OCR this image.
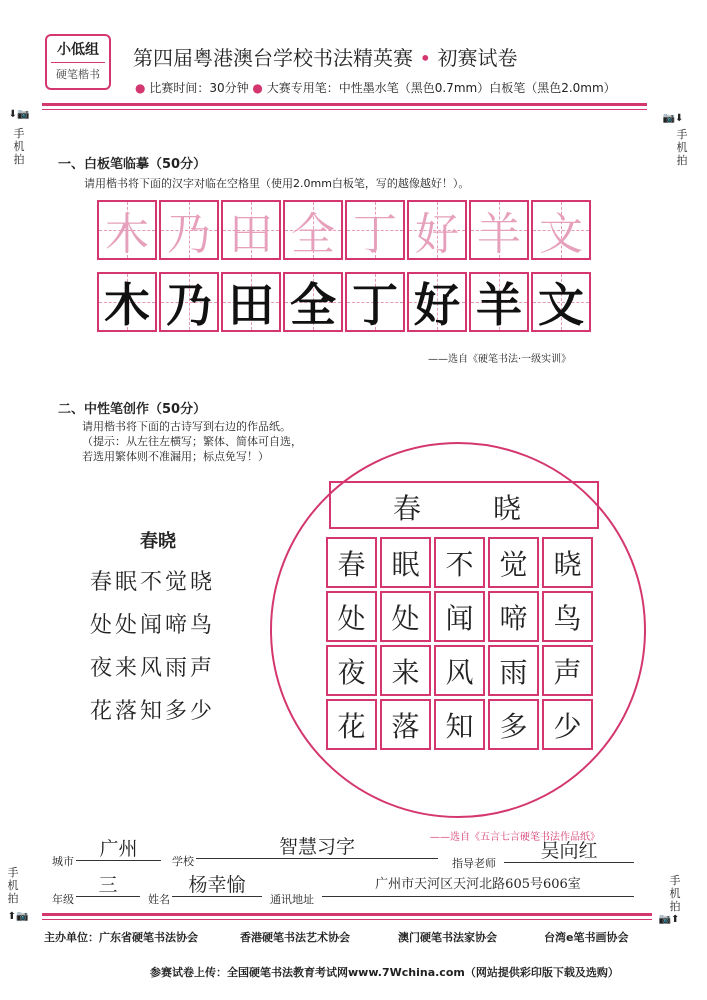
小低组
硬笔楷书
第四届粤港澳台学校书法精英赛 • 初赛试卷
● 比赛时间：30分钟 ● 大赛专用笔：中性墨水笔（黑色0.7mm）白板笔（黑色2.0mm）
⬇📷
手机拍
📷⬇
手机拍
手机拍
⬆📷
手机拍
📷⬆
一、白板笔临摹（50分）
请用楷书将下面的汉字对临在空格里（使用2.0mm白板笔，写的越像越好！）。
木 乃 田 全 丁 好 羊 文
木 乃 田 全 丁 好 羊 文
——选自《硬笔书法·一级实训》
二、中性笔创作（50分）
请用楷书将下面的古诗写到右边的作品纸。
（提示：从左往左横写；繁体、简体可自选，
若选用繁体则不准漏用；标点免写！）
春晓
春眠不觉晓
处处闻啼鸟
夜来风雨声
花落知多少
春	晓
春 眠 不 觉 晓
处 处 闻 啼 鸟
夜 来 风 雨 声
花 落 知 多 少
——选自《五言七言硬笔书法作品纸》
城市
广州
学校
智慧习字
指导老师
吴向红
年级
三
姓名
杨幸愉
通讯地址
广州市天河区天河北路605号606室
主办单位：广东省硬笔书法协会	香港硬笔书法艺术协会	澳门硬笔书法家协会	台湾e笔书画协会
参赛试卷上传：全国硬笔书法教育考试网www.7Wchina.com（网站提供彩印版下载及选购）
